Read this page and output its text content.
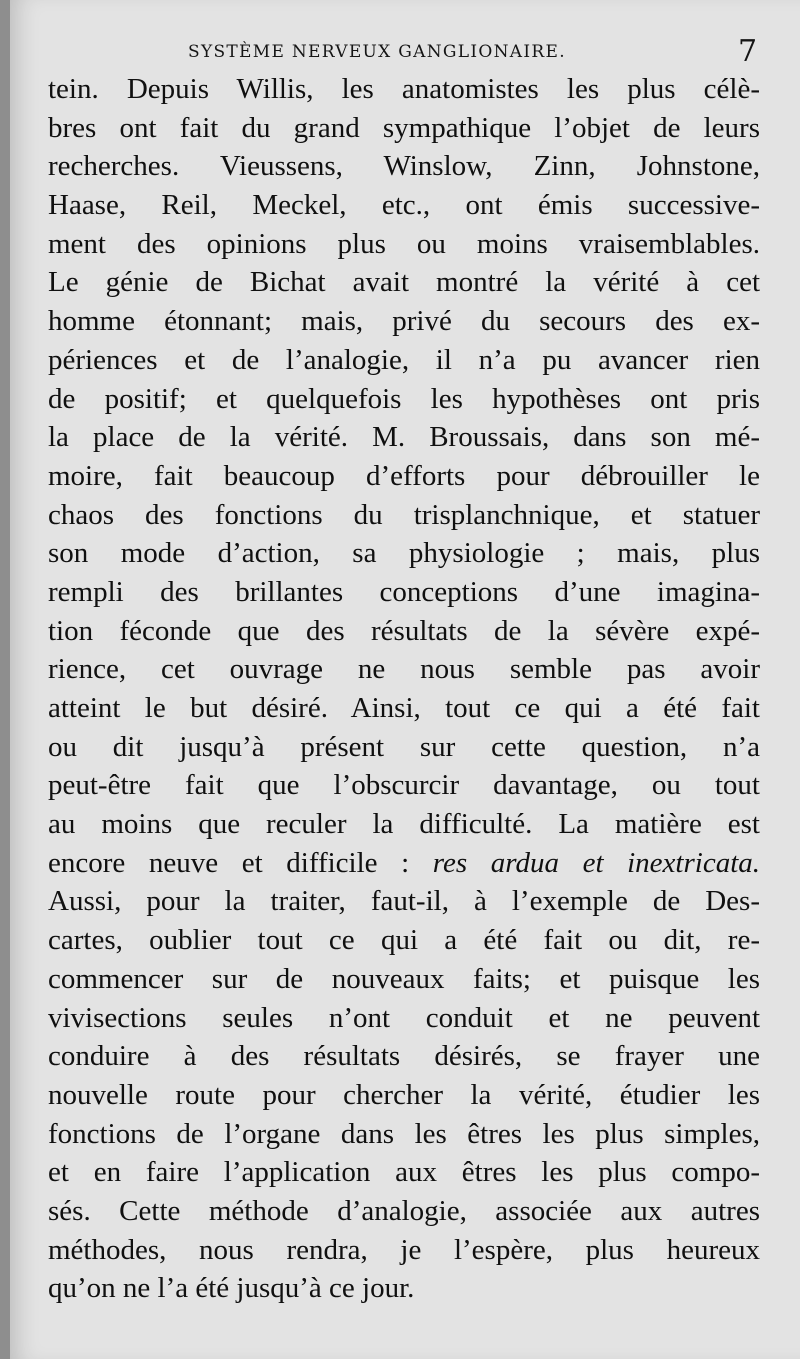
SYSTÈME NERVEUX GANGLIONAIRE.	7
tein. Depuis Willis, les anatomistes les plus célè-
bres ont fait du grand sympathique l’objet de leurs
recherches. Vieussens, Winslow, Zinn, Johnstone,
Haase, Reil, Meckel, etc., ont émis successive-
ment des opinions plus ou moins vraisemblables.
Le génie de Bichat avait montré la vérité à cet
homme étonnant; mais, privé du secours des ex-
périences et de l’analogie, il n’a pu avancer rien
de positif; et quelquefois les hypothèses ont pris
la place de la vérité. M. Broussais, dans son mé-
moire, fait beaucoup d’efforts pour débrouiller le
chaos des fonctions du trisplanchnique, et statuer
son mode d’action, sa physiologie ; mais, plus
rempli des brillantes conceptions d’une imagina-
tion féconde que des résultats de la sévère expé-
rience, cet ouvrage ne nous semble pas avoir
atteint le but désiré. Ainsi, tout ce qui a été fait
ou dit jusqu’à présent sur cette question, n’a
peut-être fait que l’obscurcir davantage, ou tout
au moins que reculer la difficulté. La matière est
encore neuve et difficile : res ardua et inextricata.
Aussi, pour la traiter, faut-il, à l’exemple de Des-
cartes, oublier tout ce qui a été fait ou dit, re-
commencer sur de nouveaux faits; et puisque les
vivisections seules n’ont conduit et ne peuvent
conduire à des résultats désirés, se frayer une
nouvelle route pour chercher la vérité, étudier les
fonctions de l’organe dans les êtres les plus simples,
et en faire l’application aux êtres les plus compo-
sés. Cette méthode d’analogie, associée aux autres
méthodes, nous rendra, je l’espère, plus heureux
qu’on ne l’a été jusqu’à ce jour.
